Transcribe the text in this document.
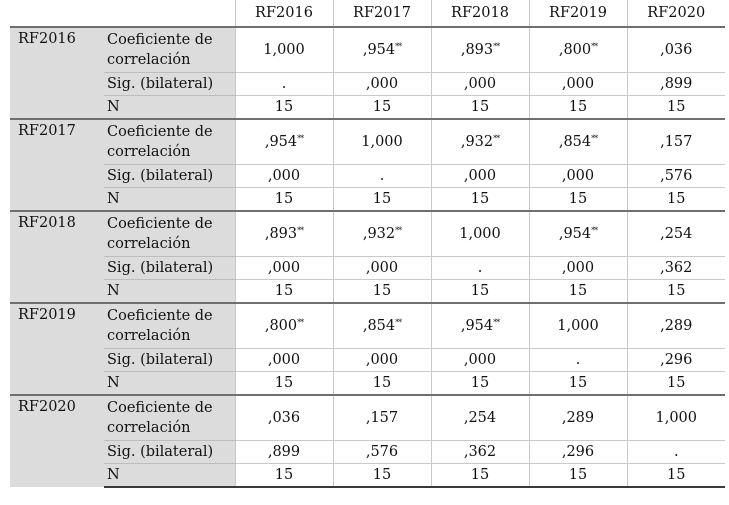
		RF2016	RF2017	RF2018	RF2019	RF2020
RF2016	Coeficiente de correlación	1,000	,954**	,893**	,800**	,036
	Sig. (bilateral)	.	,000	,000	,000	,899
	N	15	15	15	15	15
RF2017	Coeficiente de correlación	,954**	1,000	,932**	,854**	,157
	Sig. (bilateral)	,000	.	,000	,000	,576
	N	15	15	15	15	15
RF2018	Coeficiente de correlación	,893**	,932**	1,000	,954**	,254
	Sig. (bilateral)	,000	,000	.	,000	,362
	N	15	15	15	15	15
RF2019	Coeficiente de correlación	,800**	,854**	,954**	1,000	,289
	Sig. (bilateral)	,000	,000	,000	.	,296
	N	15	15	15	15	15
RF2020	Coeficiente de correlación	,036	,157	,254	,289	1,000
	Sig. (bilateral)	,899	,576	,362	,296	.
	N	15	15	15	15	15
